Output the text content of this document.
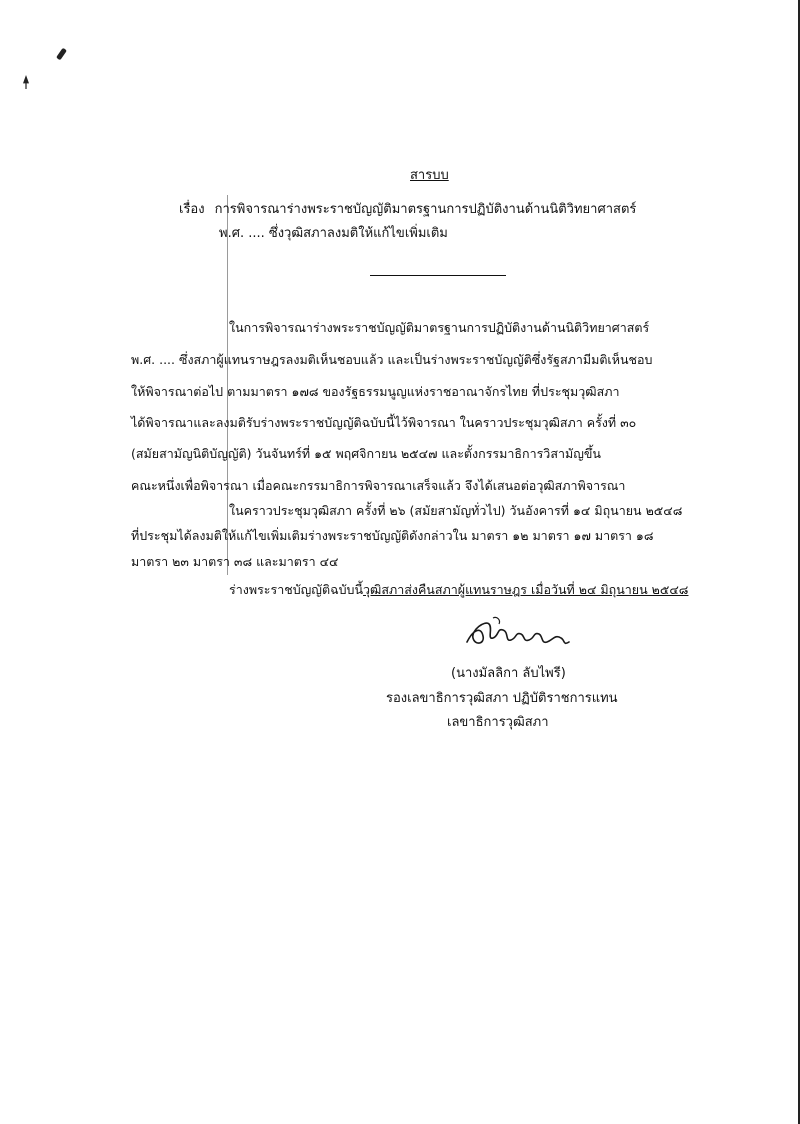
สารบบ
เรื่อง การพิจารณาร่างพระราชบัญญัติมาตรฐานการปฏิบัติงานด้านนิติวิทยาศาสตร์
พ.ศ. .... ซึ่งวุฒิสภาลงมติให้แก้ไขเพิ่มเติม
ในการพิจารณาร่างพระราชบัญญัติมาตรฐานการปฏิบัติงานด้านนิติวิทยาศาสตร์
พ.ศ. .... ซึ่งสภาผู้แทนราษฎรลงมติเห็นชอบแล้ว และเป็นร่างพระราชบัญญัติซึ่งรัฐสภามีมติเห็นชอบ
ให้พิจารณาต่อไป ตามมาตรา ๑๗๘ ของรัฐธรรมนูญแห่งราชอาณาจักรไทย ที่ประชุมวุฒิสภา
ได้พิจารณาและลงมติรับร่างพระราชบัญญัติฉบับนี้ไว้พิจารณา ในคราวประชุมวุฒิสภา ครั้งที่ ๓๐
(สมัยสามัญนิติบัญญัติ) วันจันทร์ที่ ๑๕ พฤศจิกายน ๒๕๔๗ และตั้งกรรมาธิการวิสามัญขึ้น
คณะหนึ่งเพื่อพิจารณา เมื่อคณะกรรมาธิการพิจารณาเสร็จแล้ว จึงได้เสนอต่อวุฒิสภาพิจารณา
ในคราวประชุมวุฒิสภา ครั้งที่ ๒๖ (สมัยสามัญทั่วไป) วันอังคารที่ ๑๔ มิถุนายน ๒๕๔๘
ที่ประชุมได้ลงมติให้แก้ไขเพิ่มเติมร่างพระราชบัญญัติดังกล่าวใน มาตรา ๑๒ มาตรา ๑๗ มาตรา ๑๘
มาตรา ๒๓ มาตรา ๓๘ และมาตรา ๔๔
ร่างพระราชบัญญัติฉบับนี้วุฒิสภาส่งคืนสภาผู้แทนราษฎร เมื่อวันที่ ๒๔ มิถุนายน ๒๕๔๘
(นางมัลลิกา ลับไพรี)
รองเลขาธิการวุฒิสภา ปฏิบัติราชการแทน
เลขาธิการวุฒิสภา
